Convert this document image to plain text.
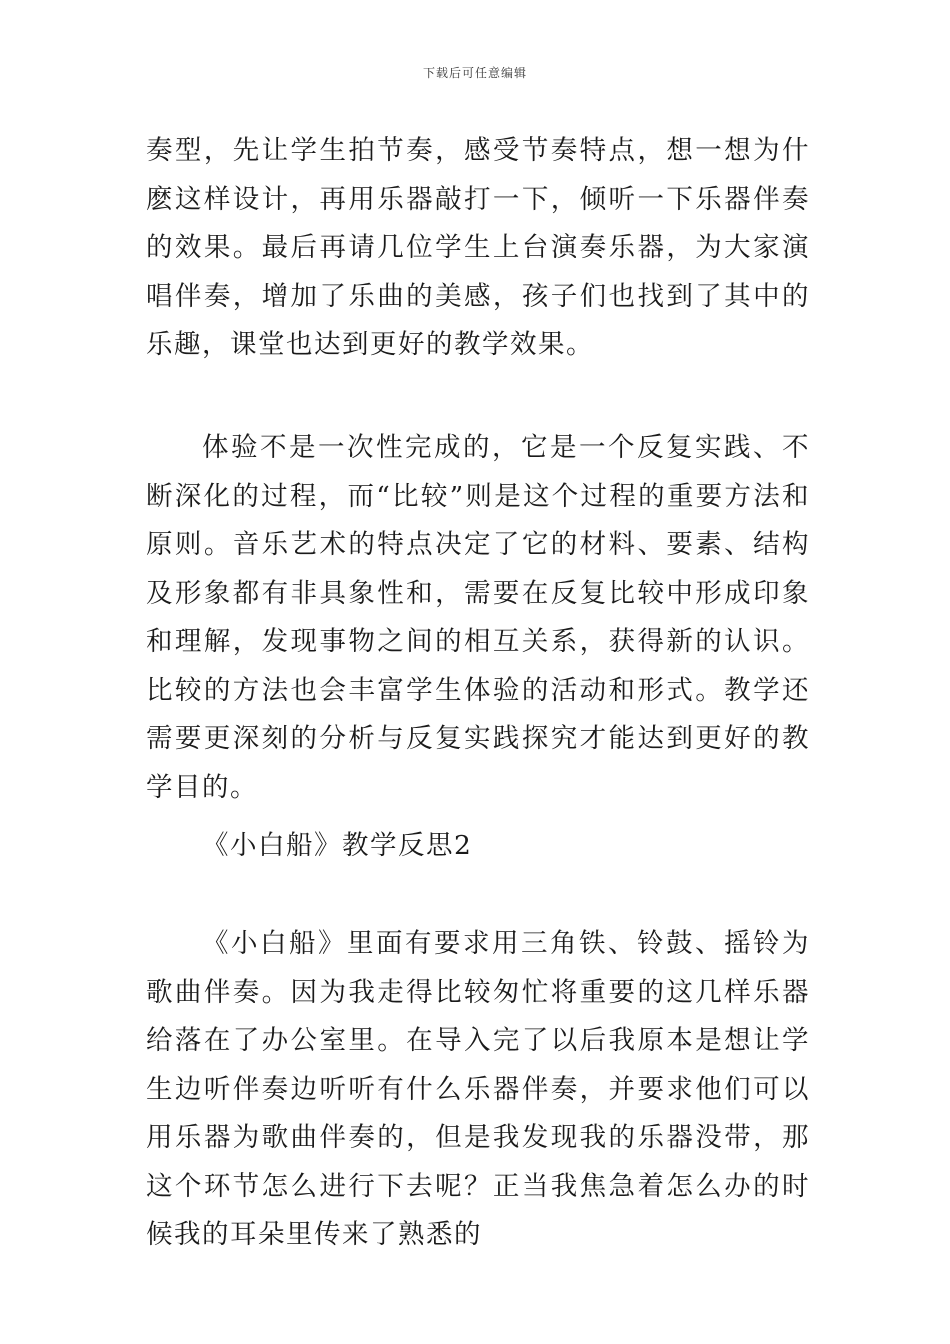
下载后可任意编辑

奏型，先让学生拍节奏，感受节奏特点，想一想为什麽这样设计，再用乐器敲打一下，倾听一下乐器伴奏的效果。最后再请几位学生上台演奏乐器，为大家演唱伴奏，增加了乐曲的美感，孩子们也找到了其中的乐趣，课堂也达到更好的教学效果。

体验不是一次性完成的，它是一个反复实践、不断深化的过程，而“比较”则是这个过程的重要方法和原则。音乐艺术的特点决定了它的材料、要素、结构及形象都有非具象性和，需要在反复比较中形成印象和理解，发现事物之间的相互关系，获得新的认识。比较的方法也会丰富学生体验的活动和形式。教学还需要更深刻的分析与反复实践探究才能达到更好的教学目的。

《小白船》教学反思2

《小白船》里面有要求用三角铁、铃鼓、摇铃为歌曲伴奏。因为我走得比较匆忙将重要的这几样乐器给落在了办公室里。在导入完了以后我原本是想让学生边听伴奏边听听有什么乐器伴奏，并要求他们可以用乐器为歌曲伴奏的，但是我发现我的乐器没带，那这个环节怎么进行下去呢？正当我焦急着怎么办的时候我的耳朵里传来了熟悉的
